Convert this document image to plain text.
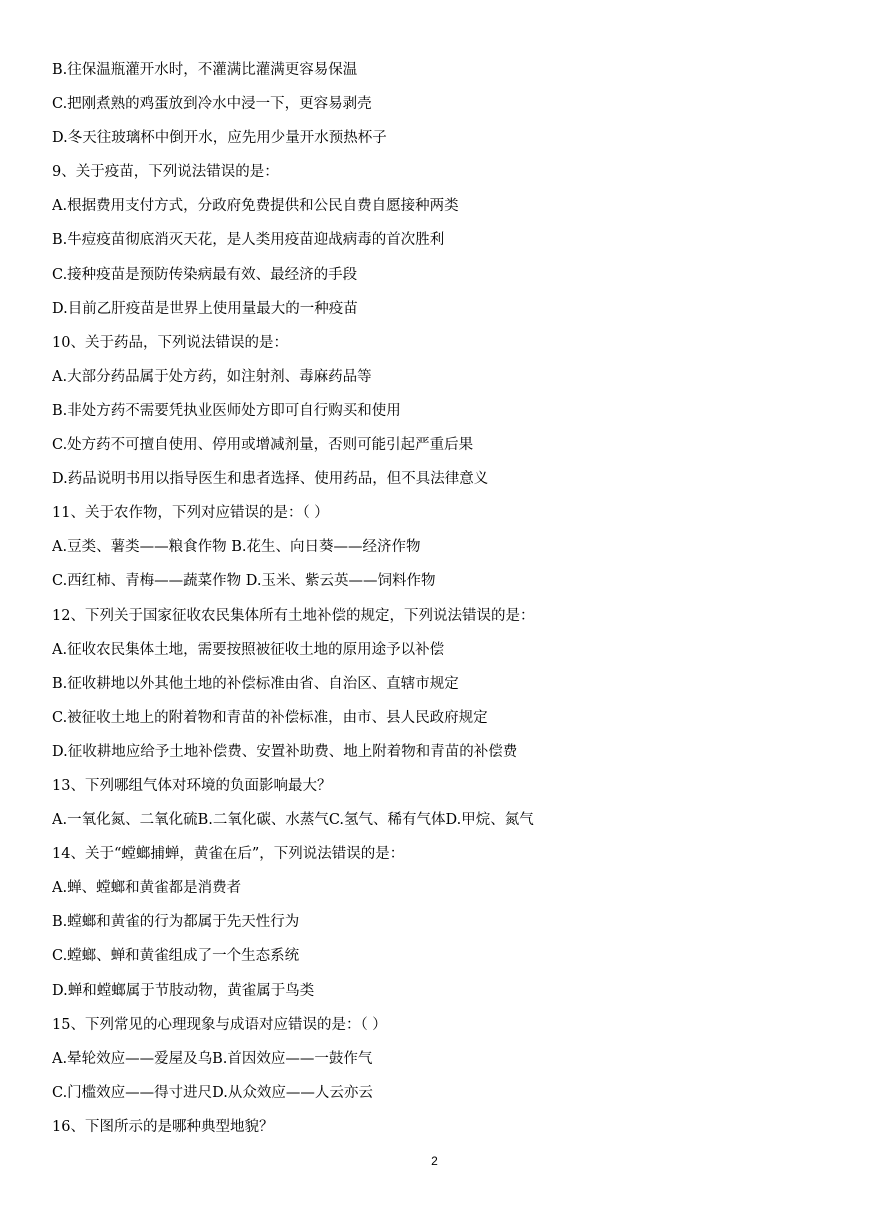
B.往保温瓶灌开水时，不灌满比灌满更容易保温
C.把刚煮熟的鸡蛋放到冷水中浸一下，更容易剥壳
D.冬天往玻璃杯中倒开水，应先用少量开水预热杯子
9、关于疫苗，下列说法错误的是：
A.根据费用支付方式，分政府免费提供和公民自费自愿接种两类
B.牛痘疫苗彻底消灭天花，是人类用疫苗迎战病毒的首次胜利
C.接种疫苗是预防传染病最有效、最经济的手段
D.目前乙肝疫苗是世界上使用量最大的一种疫苗
10、关于药品，下列说法错误的是：
A.大部分药品属于处方药，如注射剂、毒麻药品等
B.非处方药不需要凭执业医师处方即可自行购买和使用
C.处方药不可擅自使用、停用或增减剂量，否则可能引起严重后果
D.药品说明书用以指导医生和患者选择、使用药品，但不具法律意义
11、关于农作物，下列对应错误的是：（ ）
A.豆类、薯类——粮食作物 B.花生、向日葵——经济作物
C.西红柿、青梅——蔬菜作物 D.玉米、紫云英——饲料作物
12、下列关于国家征收农民集体所有土地补偿的规定，下列说法错误的是：
A.征收农民集体土地，需要按照被征收土地的原用途予以补偿
B.征收耕地以外其他土地的补偿标准由省、自治区、直辖市规定
C.被征收土地上的附着物和青苗的补偿标准，由市、县人民政府规定
D.征收耕地应给予土地补偿费、安置补助费、地上附着物和青苗的补偿费
13、下列哪组气体对环境的负面影响最大？
A.一氧化氮、二氧化硫B.二氧化碳、水蒸气C.氢气、稀有气体D.甲烷、氮气
14、关于“螳螂捕蝉，黄雀在后”，下列说法错误的是：
A.蝉、螳螂和黄雀都是消费者
B.螳螂和黄雀的行为都属于先天性行为
C.螳螂、蝉和黄雀组成了一个生态系统
D.蝉和螳螂属于节肢动物，黄雀属于鸟类
15、下列常见的心理现象与成语对应错误的是：（ ）
A.晕轮效应——爱屋及乌B.首因效应——一鼓作气
C.门槛效应——得寸进尺D.从众效应——人云亦云
16、下图所示的是哪种典型地貌？
2
